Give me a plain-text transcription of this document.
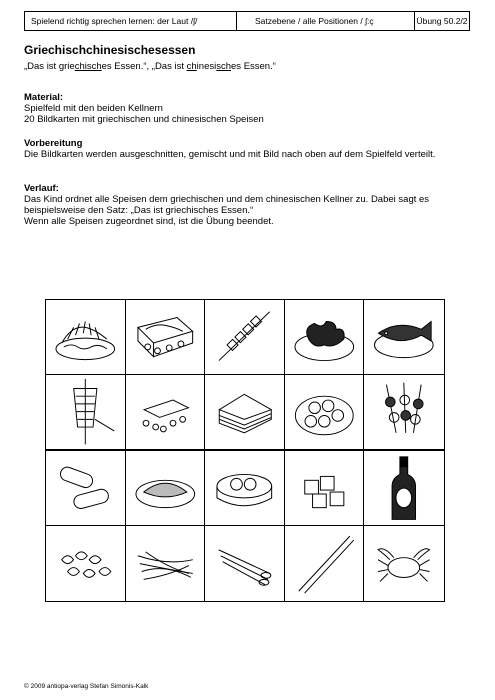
Spielend richtig sprechen lernen: der Laut /ʃ/	Satzebene / alle Positionen / ʃ:ç	Übung 50.2/2
Griechischchinesischesessen
„Das ist griechisches Essen.“, „Das ist chinesisches Essen.“
Material:
Spielfeld mit den beiden Kellnern
20 Bildkarten mit griechischen und chinesischen Speisen
Vorbereitung
Die Bildkarten werden ausgeschnitten, gemischt und mit Bild nach oben auf dem Spielfeld verteilt.
Verlauf:
Das Kind ordnet alle Speisen dem griechischen und dem chinesischen Kellner zu. Dabei sagt es beispielsweise den Satz: „Das ist griechisches Essen.“
Wenn alle Speisen zugeordnet sind, ist die Übung beendet.
© 2009 antiopa-verlag Stefan Simonis-Kalk
